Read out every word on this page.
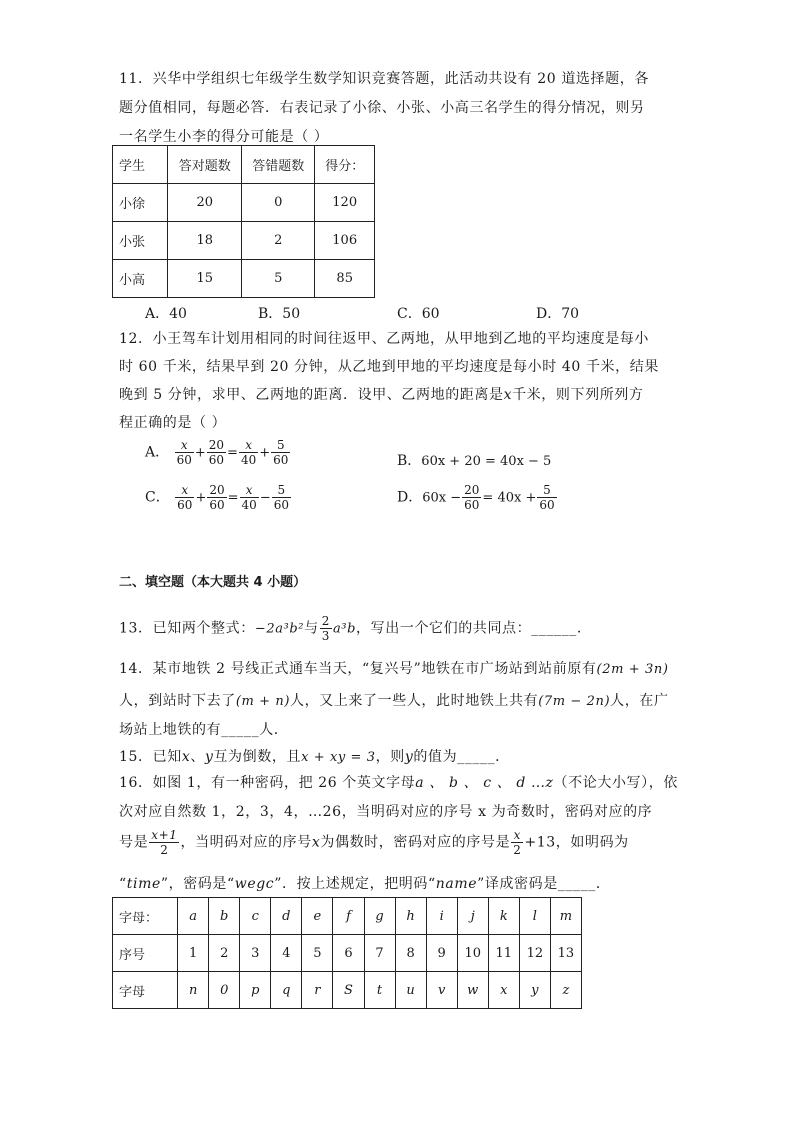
11．兴华中学组织七年级学生数学知识竞赛答题，此活动共设有 20 道选择题，各
题分值相同，每题必答．右表记录了小徐、小张、小高三名学生的得分情况，则另
一名学生小李的得分可能是（ ）
学生	答对题数	答错题数	得分：
小徐	20	0	120
小张	18	2	106
小高	15	5	85
A．40	B．50	C．60	D．70
12．小王驾车计划用相同的时间往返甲、乙两地，从甲地到乙地的平均速度是每小
时 60 千米，结果早到 20 分钟，从乙地到甲地的平均速度是每小时 40 千米，结果
晚到 5 分钟，求甲、乙两地的距离．设甲、乙两地的距离是x千米，则下列所列方
程正确的是（ ）
A． $\frac{x}{60} + \frac{20}{60} = \frac{x}{40} + \frac{5}{60}$	B．60x + 20 = 40x − 5
C． $\frac{x}{60} + \frac{20}{60} = \frac{x}{40} - \frac{5}{60}$	D．$60x - \frac{20}{60} = 40x + \frac{5}{60}$
二、填空题（本大题共 4 小题）
13．已知两个整式：−2a³b²与 $\frac{2}{3} a^3b$，写出一个它们的共同点：______.
14．某市地铁 2 号线正式通车当天，“复兴号”地铁在市广场站到站前原有(2m + 3n)
人，到站时下去了(m + n)人，又上来了一些人，此时地铁上共有(7m − 2n)人，在广
场站上地铁的有_____人．
15．已知x、y互为倒数，且x + xy = 3，则y的值为_____．
16．如图 1，有一种密码，把 26 个英文字母a 、 b 、 c 、 d …z（不论大小写），依
次对应自然数 1，2，3，4，…26，当明码对应的序号 x 为奇数时，密码对应的序
号是 $\frac{x+1}{2}$ ，当明码对应的序号x为偶数时，密码对应的序号是 $\frac{x}{2} +13$，如明码为
“time”，密码是“wegc”．按上述规定，把明码“name”译成密码是_____．
字母：	a	b	c	d	e	f	g	h	i	j	k	l	m
序号	1	2	3	4	5	6	7	8	9	10	11	12	13
字母	n	0	p	q	r	S	t	u	v	w	x	y	z
